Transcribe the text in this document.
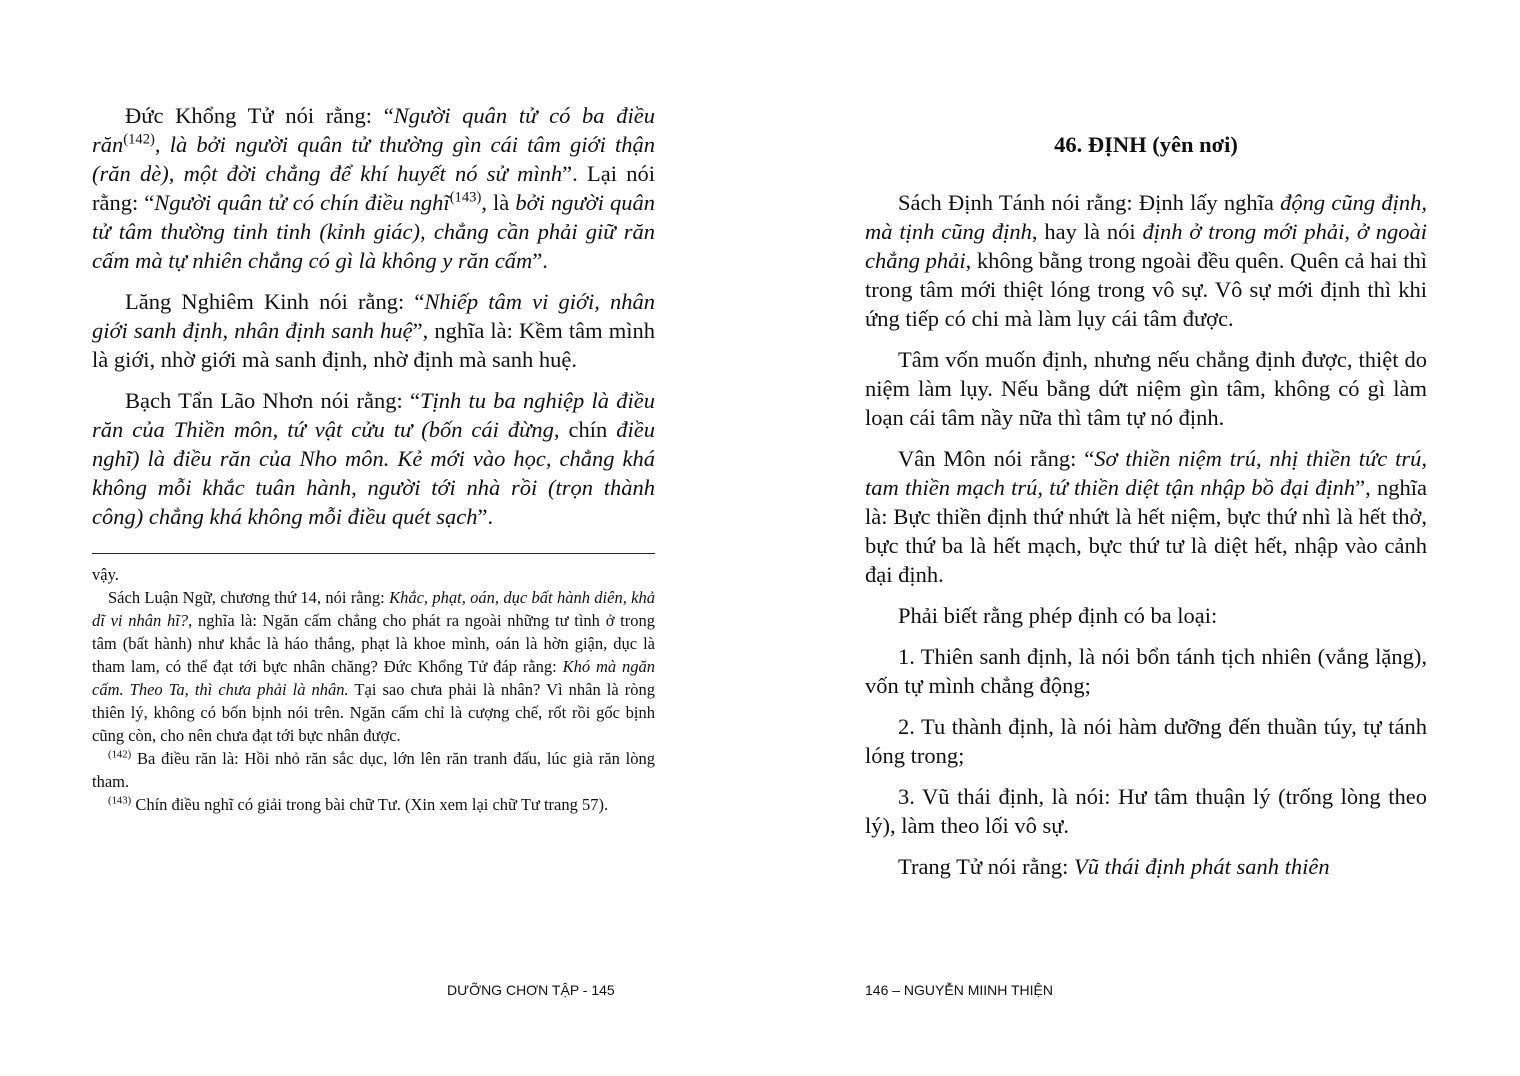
Đức Khổng Tử nói rằng: “Người quân tử có ba điều răn$^{(142)}$, là bởi người quân tử thường gìn cái tâm giới thận (răn dè), một đời chẳng để khí huyết nó sử mình”. Lại nói rằng: “Người quân tử có chín điều nghĩ$^{(143)}$, là bởi người quân tử tâm thường tinh tinh (kỉnh giác), chẳng cần phải giữ răn cấm mà tự nhiên chẳng có gì là không y răn cấm”.

Lăng Nghiêm Kinh nói rằng: “Nhiếp tâm vi giới, nhân giới sanh định, nhân định sanh huệ”, nghĩa là: Kềm tâm mình là giới, nhờ giới mà sanh định, nhờ định mà sanh huệ.

Bạch Tẩn Lão Nhơn nói rằng: “Tịnh tu ba nghiệp là điều răn của Thiền môn, tứ vật cửu tư (bốn cái đừng, chín điều nghĩ) là điều răn của Nho môn. Kẻ mới vào học, chẳng khá không mỗi khắc tuân hành, người tới nhà rồi (trọn thành công) chẳng khá không mỗi điều quét sạch”.

vậy.

Sách Luận Ngữ, chương thứ 14, nói rằng: Khắc, phạt, oán, dục bất hành diên, khả dĩ vi nhân hĩ?, nghĩa là: Ngăn cấm chẳng cho phát ra ngoài những tư tình ở trong tâm (bất hành) như khắc là háo thắng, phạt là khoe mình, oán là hờn giận, dục là tham lam, có thể đạt tới bực nhân chăng? Đức Khổng Tử đáp rằng: Khó mà ngăn cấm. Theo Ta, thì chưa phải là nhân. Tại sao chưa phải là nhân? Vì nhân là ròng thiên lý, không có bốn bịnh nói trên. Ngăn cấm chỉ là cượng chế, rốt rồi gốc bịnh cũng còn, cho nên chưa đạt tới bực nhân được.

$^{(142)}$ Ba điều răn là: Hồi nhỏ răn sắc dục, lớn lên răn tranh đấu, lúc già răn lòng tham.

$^{(143)}$ Chín điều nghĩ có giải trong bài chữ Tư. (Xin xem lại chữ Tư trang 57).

DƯỠNG CHƠN TẬP - 145
46. ĐỊNH (yên nơi)

Sách Định Tánh nói rằng: Định lấy nghĩa động cũng định, mà tịnh cũng định, hay là nói định ở trong mới phải, ở ngoài chẳng phải, không bằng trong ngoài đều quên. Quên cả hai thì trong tâm mới thiệt lóng trong vô sự. Vô sự mới định thì khi ứng tiếp có chi mà làm lụy cái tâm được.

Tâm vốn muốn định, nhưng nếu chẳng định được, thiệt do niệm làm lụy. Nếu bằng dứt niệm gìn tâm, không có gì làm loạn cái tâm nầy nữa thì tâm tự nó định.

Vân Môn nói rằng: “Sơ thiền niệm trú, nhị thiền tức trú, tam thiền mạch trú, tứ thiền diệt tận nhập bồ đại định”, nghĩa là: Bực thiền định thứ nhứt là hết niệm, bực thứ nhì là hết thở, bực thứ ba là hết mạch, bực thứ tư là diệt hết, nhập vào cảnh đại định.

Phải biết rằng phép định có ba loại:

1. Thiên sanh định, là nói bổn tánh tịch nhiên (vắng lặng), vốn tự mình chẳng động;

2. Tu thành định, là nói hàm dưỡng đến thuần túy, tự tánh lóng trong;

3. Vũ thái định, là nói: Hư tâm thuận lý (trống lòng theo lý), làm theo lối vô sự.

Trang Tử nói rằng: Vũ thái định phát sanh thiên

146 – NGUYỄN MIINH THIỆN
